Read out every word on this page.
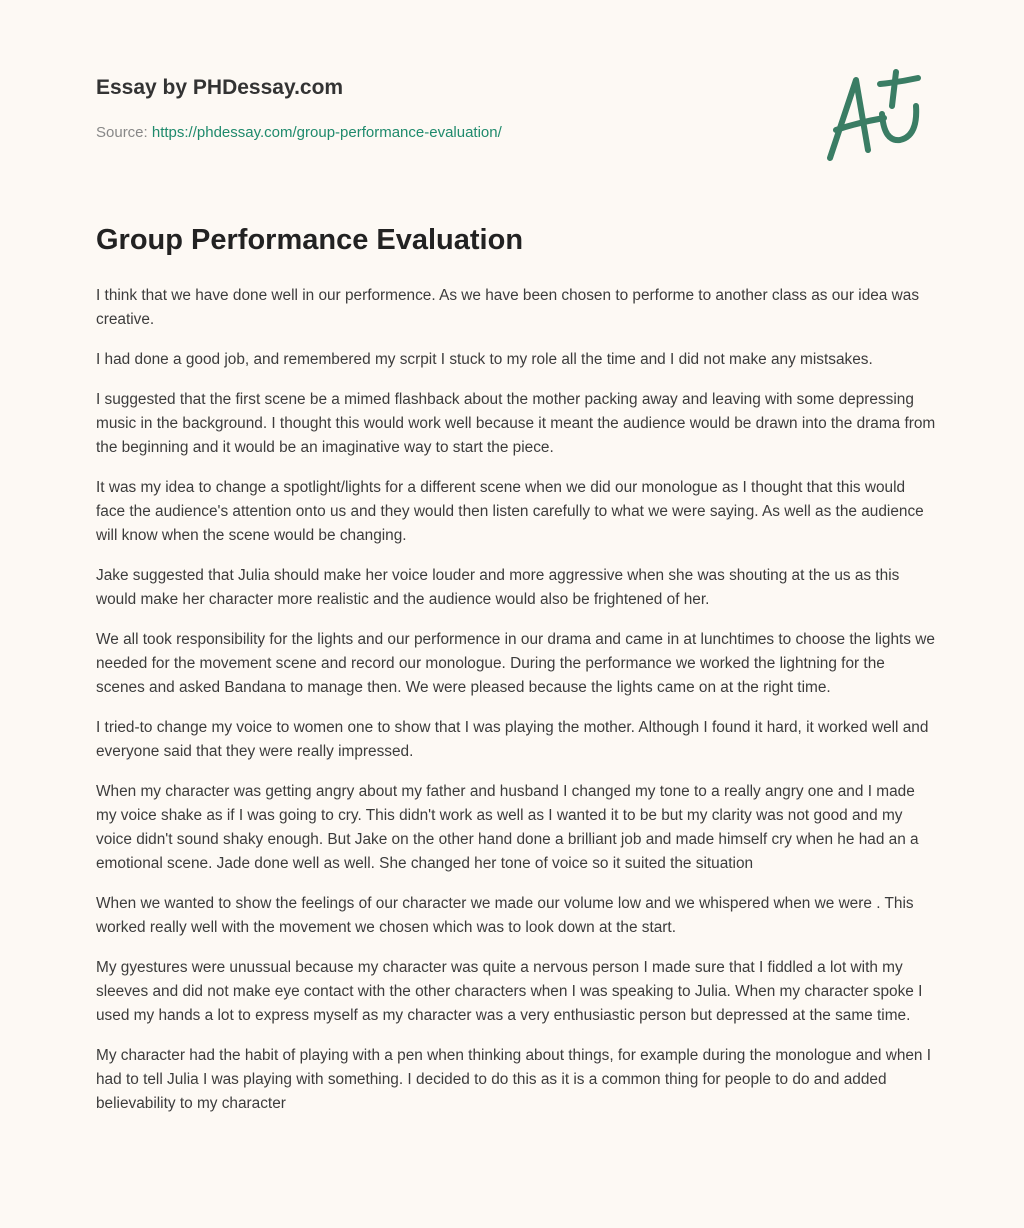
Essay by PHDessay.com
Source: https://phdessay.com/group-performance-evaluation/
Group Performance Evaluation

I think that we have done well in our performence. As we have been chosen to performe to another class as our idea was creative.

I had done a good job, and remembered my scrpit I stuck to my role all the time and I did not make any mistsakes.

I suggested that the first scene be a mimed flashback about the mother packing away and leaving with some depressing music in the background. I thought this would work well because it meant the audience would be drawn into the drama from the beginning and it would be an imaginative way to start the piece.

It was my idea to change a spotlight/lights for a different scene when we did our monologue as I thought that this would face the audience's attention onto us and they would then listen carefully to what we were saying. As well as the audience will know when the scene would be changing.

Jake suggested that Julia should make her voice louder and more aggressive when she was shouting at the us as this would make her character more realistic and the audience would also be frightened of her.

We all took responsibility for the lights and our performence in our drama and came in at lunchtimes to choose the lights we needed for the movement scene and record our monologue. During the performance we worked the lightning for the scenes and asked Bandana to manage then. We were pleased because the lights came on at the right time.

I tried-to change my voice to women one to show that I was playing the mother. Although I found it hard, it worked well and everyone said that they were really impressed.

When my character was getting angry about my father and husband I changed my tone to a really angry one and I made my voice shake as if I was going to cry. This didn't work as well as I wanted it to be but my clarity was not good and my voice didn't sound shaky enough. But Jake on the other hand done a brilliant job and made himself cry when he had an a emotional scene. Jade done well as well. She changed her tone of voice so it suited the situation

When we wanted to show the feelings of our character we made our volume low and we whispered when we were . This worked really well with the movement we chosen which was to look down at the start.

My gyestures were unussual because my character was quite a nervous person I made sure that I fiddled a lot with my sleeves and did not make eye contact with the other characters when I was speaking to Julia. When my character spoke I used my hands a lot to express myself as my character was a very enthusiastic person but depressed at the same time.

My character had the habit of playing with a pen when thinking about things, for example during the monologue and when I had to tell Julia I was playing with something. I decided to do this as it is a common thing for people to do and added believability to my character
